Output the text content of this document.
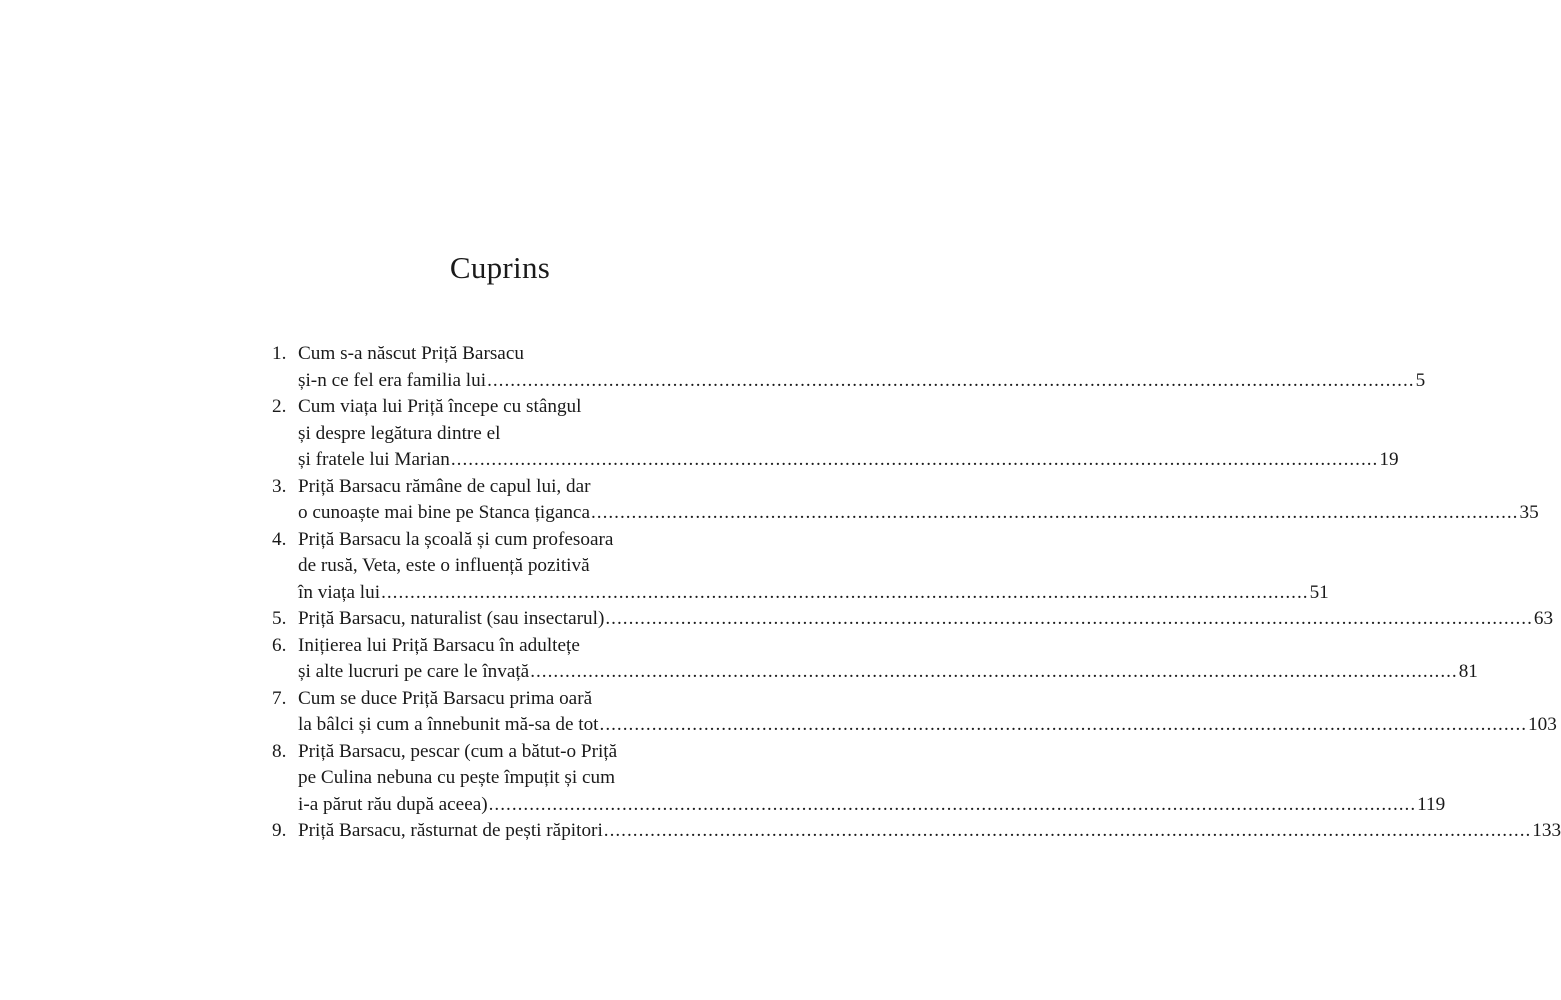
Cuprins
1. Cum s-a născut Priță Barsacu
și-n ce fel era familia lui ................................................................................................................................................................ 5
2. Cum viața lui Priță începe cu stângul
și despre legătura dintre el
și fratele lui Marian ................................................................................................................................................................ 19
3. Priță Barsacu rămâne de capul lui, dar
o cunoaște mai bine pe Stanca țiganca ................................................................................................................................................................ 35
4. Priță Barsacu la școală și cum profesoara
de rusă, Veta, este o influență pozitivă
în viața lui ................................................................................................................................................................ 51
5. Priță Barsacu, naturalist (sau insectarul) ................................................................................................................................................................ 63
6. Inițierea lui Priță Barsacu în adultețe
și alte lucruri pe care le învață ................................................................................................................................................................ 81
7. Cum se duce Priță Barsacu prima oară
la bâlci și cum a înnebunit mă-sa de tot ................................................................................................................................................................ 103
8. Priță Barsacu, pescar (cum a bătut-o Priță
pe Culina nebuna cu pește împuțit și cum
i-a părut rău după aceea) ................................................................................................................................................................ 119
9. Priță Barsacu, răsturnat de pești răpitori ................................................................................................................................................................ 133
